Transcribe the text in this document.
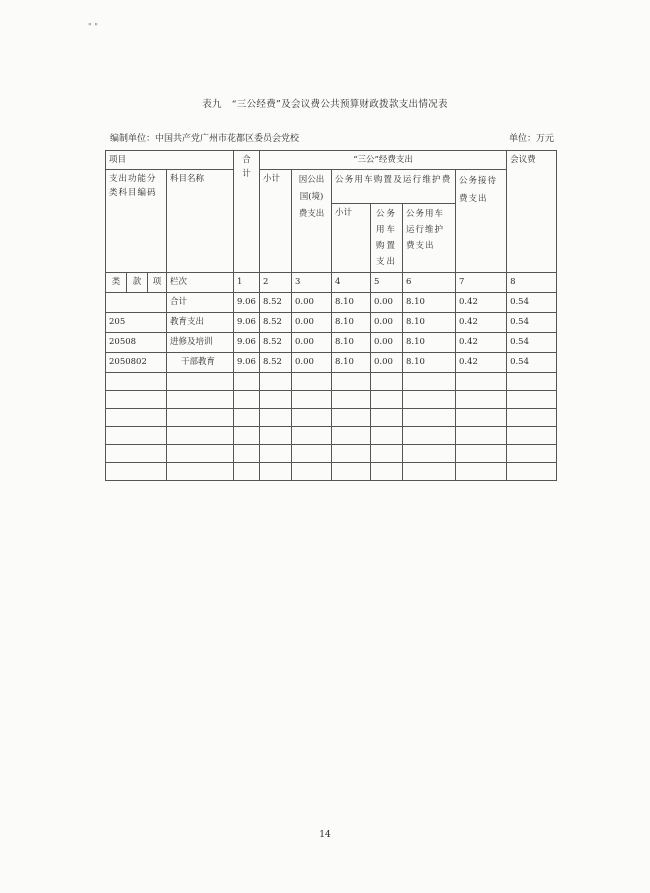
" "
表九　“三公经费”及会议费公共预算财政拨款支出情况表
编制单位：中国共产党广州市花都区委员会党校	单位：万元
项目				合计	“三公”经费支出						会议费

支出功能分类科目编码			科目名称		小计	因公出国(境)费支出	公务用车购置及运行维护费			公务接待费支出	

							小计	公务用车购置支出	公务用车运行维护费支出		

类	款	项	栏次	1	2	3	4	5	6	7	8
			合计	9.06	8.52	0.00	8.10	0.00	8.10	0.42	0.54
205			教育支出	9.06	8.52	0.00	8.10	0.00	8.10	0.42	0.54
20508			进修及培训	9.06	8.52	0.00	8.10	0.00	8.10	0.42	0.54
2050802			干部教育	9.06	8.52	0.00	8.10	0.00	8.10	0.42	0.54

14
